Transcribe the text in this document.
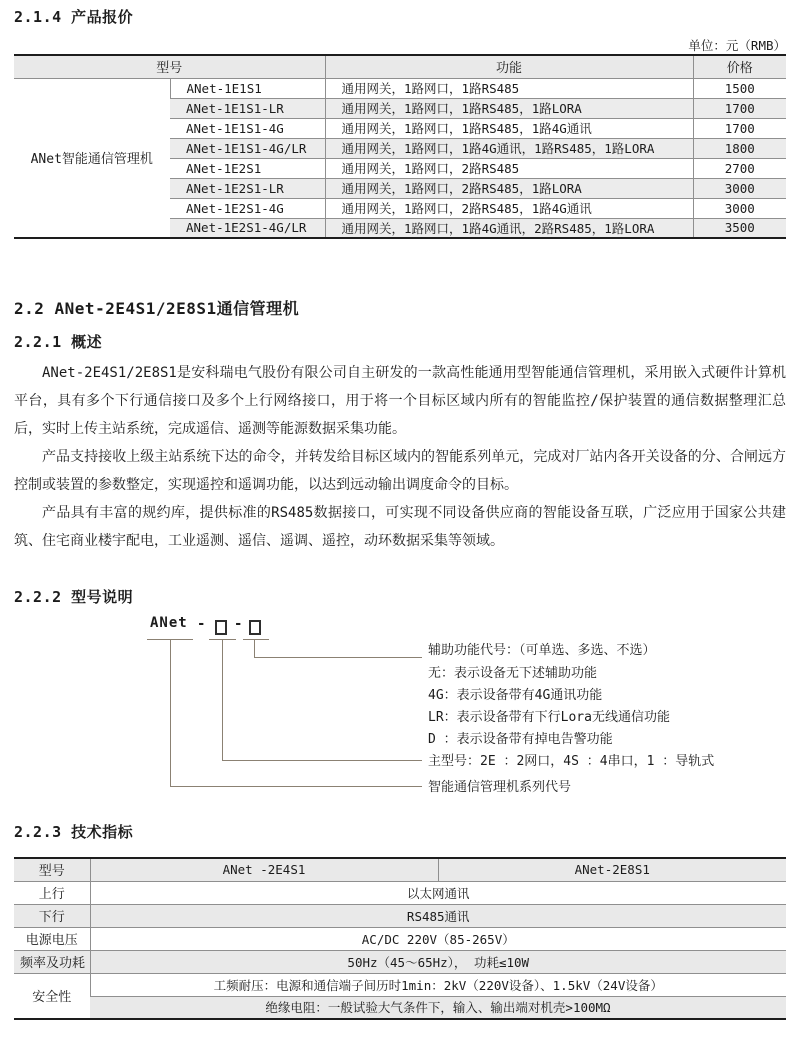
2.1.4 产品报价
单位：元（RMB）
型号		功能	价格
ANet智能通信管理机	ANet-1E1S1	通用网关，1路网口，1路RS485	1500
	ANet-1E1S1-LR	通用网关，1路网口，1路RS485，1路LORA	1700
	ANet-1E1S1-4G	通用网关，1路网口，1路RS485，1路4G通讯	1700
	ANet-1E1S1-4G/LR	通用网关，1路网口，1路4G通讯，1路RS485，1路LORA	1800
	ANet-1E2S1	通用网关，1路网口，2路RS485	2700
	ANet-1E2S1-LR	通用网关，1路网口，2路RS485，1路LORA	3000
	ANet-1E2S1-4G	通用网关，1路网口，2路RS485，1路4G通讯	3000
	ANet-1E2S1-4G/LR	通用网关，1路网口，1路4G通讯，2路RS485，1路LORA	3500
2.2 ANet-2E4S1/2E8S1通信管理机
2.2.1 概述

ANet-2E4S1/2E8S1是安科瑞电气股份有限公司自主研发的一款高性能通用型智能通信管理机，采用嵌入式硬件计算机平台，具有多个下行通信接口及多个上行网络接口，用于将一个目标区域内所有的智能监控/保护装置的通信数据整理汇总后，实时上传主站系统，完成遥信、遥测等能源数据采集功能。

产品支持接收上级主站系统下达的命令，并转发给目标区域内的智能系列单元，完成对厂站内各开关设备的分、合闸远方控制或装置的参数整定，实现遥控和遥调功能，以达到远动输出调度命令的目标。

产品具有丰富的规约库，提供标准的RS485数据接口，可实现不同设备供应商的智能设备互联，广泛应用于国家公共建筑、住宅商业楼宇配电，工业遥测、遥信、遥调、遥控，动环数据采集等领域。

2.2.2 型号说明
ANet - -
辅助功能代号：（可单选、多选、不选）
无：表示设备无下述辅助功能
4G：表示设备带有4G通讯功能
LR：表示设备带有下行Lora无线通信功能
D ：表示设备带有掉电告警功能
主型号：2E ：2网口，4S ：4串口，1 ：导轨式
智能通信管理机系列代号
2.2.3 技术指标
型号	ANet -2E4S1	ANet-2E8S1
上行	以太网通讯	
下行	RS485通讯	
电源电压	AC/DC 220V（85-265V）	
频率及功耗	50Hz（45～65Hz）， 功耗≤10W	
安全性	工频耐压：电源和通信端子间历时1min：2kV（220V设备）、1.5kV（24V设备）	
	绝缘电阻：一般试验大气条件下，输入、输出端对机壳>100MΩ	
